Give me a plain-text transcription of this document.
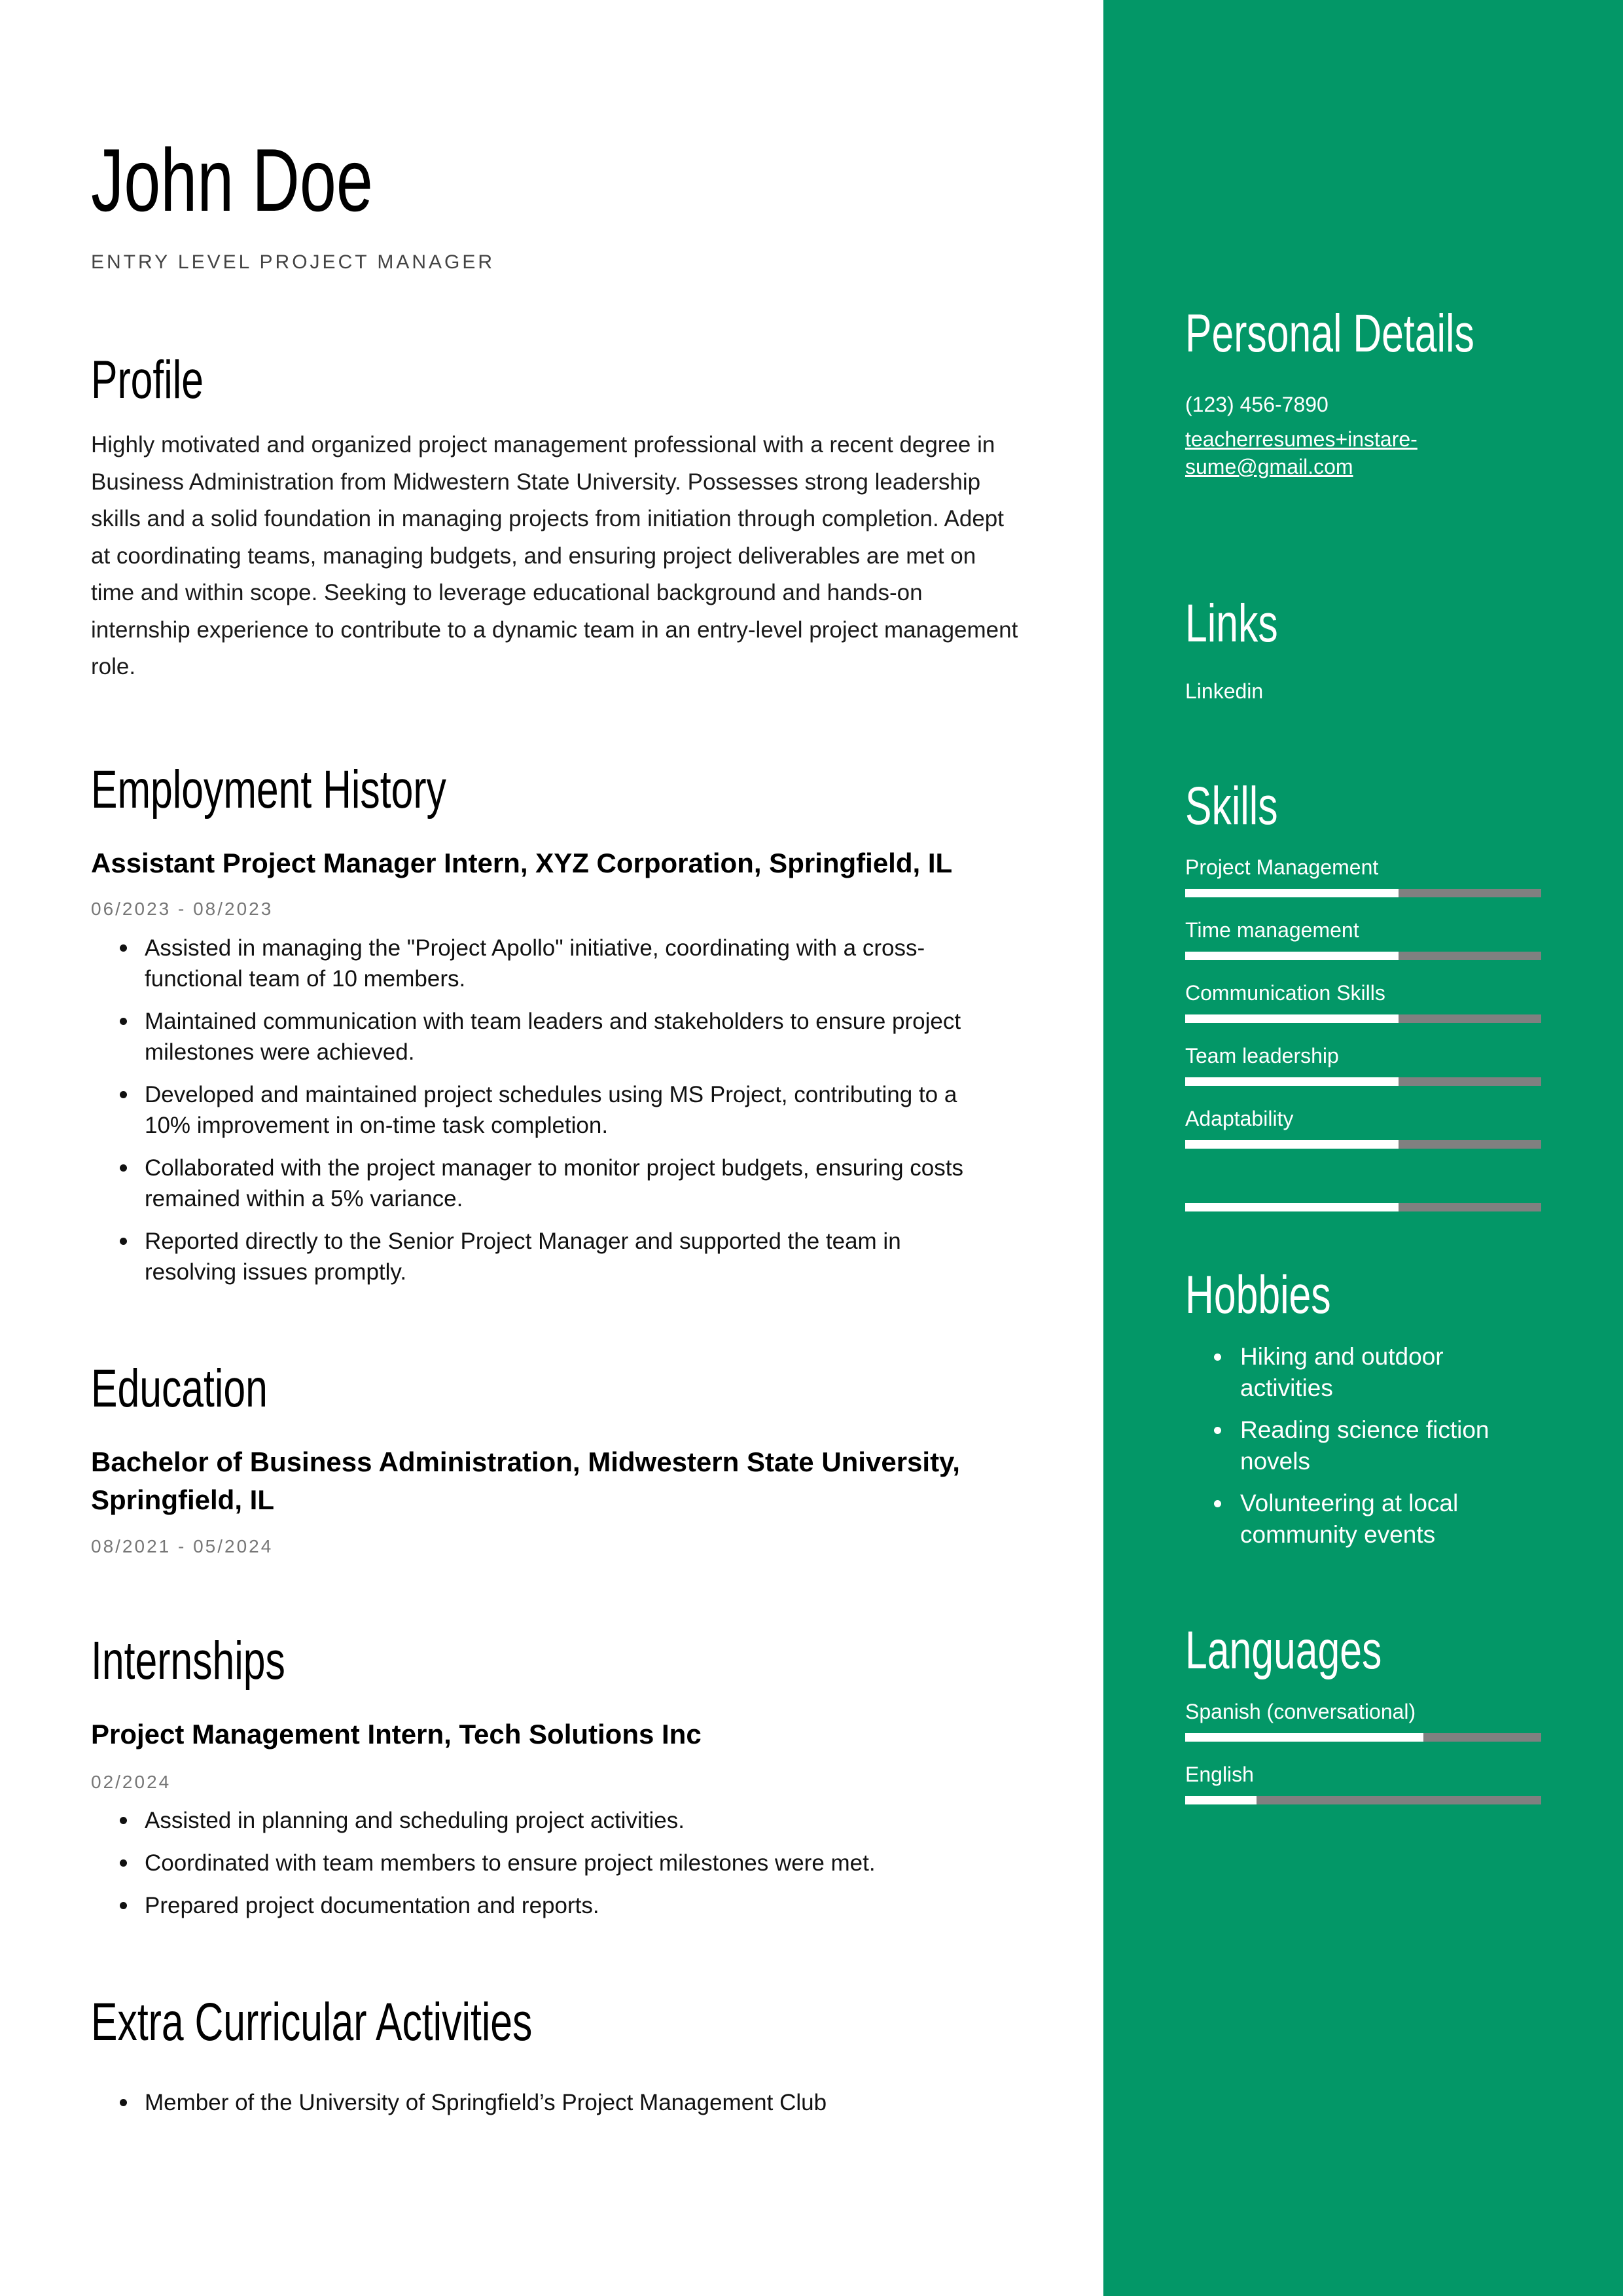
John Doe
ENTRY LEVEL PROJECT MANAGER
Profile
Highly motivated and organized project management professional with a recent degree in Business Administration from Midwestern State University. Possesses strong leadership skills and a solid foundation in managing projects from initiation through completion. Adept at coordinating teams, managing budgets, and ensuring project deliverables are met on time and within scope. Seeking to leverage educational background and hands-on internship experience to contribute to a dynamic team in an entry-level project management role.
Employment History
Assistant Project Manager Intern, XYZ Corporation, Springfield, IL
06/2023 - 08/2023
Assisted in managing the "Project Apollo" initiative, coordinating with a cross-functional team of 10 members.
Maintained communication with team leaders and stakeholders to ensure project milestones were achieved.
Developed and maintained project schedules using MS Project, contributing to a 10% improvement in on-time task completion.
Collaborated with the project manager to monitor project budgets, ensuring costs remained within a 5% variance.
Reported directly to the Senior Project Manager and supported the team in resolving issues promptly.
Education
Bachelor of Business Administration, Midwestern State University, Springfield, IL
08/2021 - 05/2024
Internships
Project Management Intern, Tech Solutions Inc
02/2024
Assisted in planning and scheduling project activities.
Coordinated with team members to ensure project milestones were met.
Prepared project documentation and reports.
Extra Curricular Activities
Member of the University of Springfield’s Project Management Club
Personal Details
(123) 456-7890
teacherresumes+instare-
sume@gmail.com
Links
Linkedin
Skills
Project Management
Time management
Communication Skills
Team leadership
Adaptability
Hobbies
Hiking and outdoor activities
Reading science fiction novels
Volunteering at local community events
Languages
Spanish (conversational)
English
